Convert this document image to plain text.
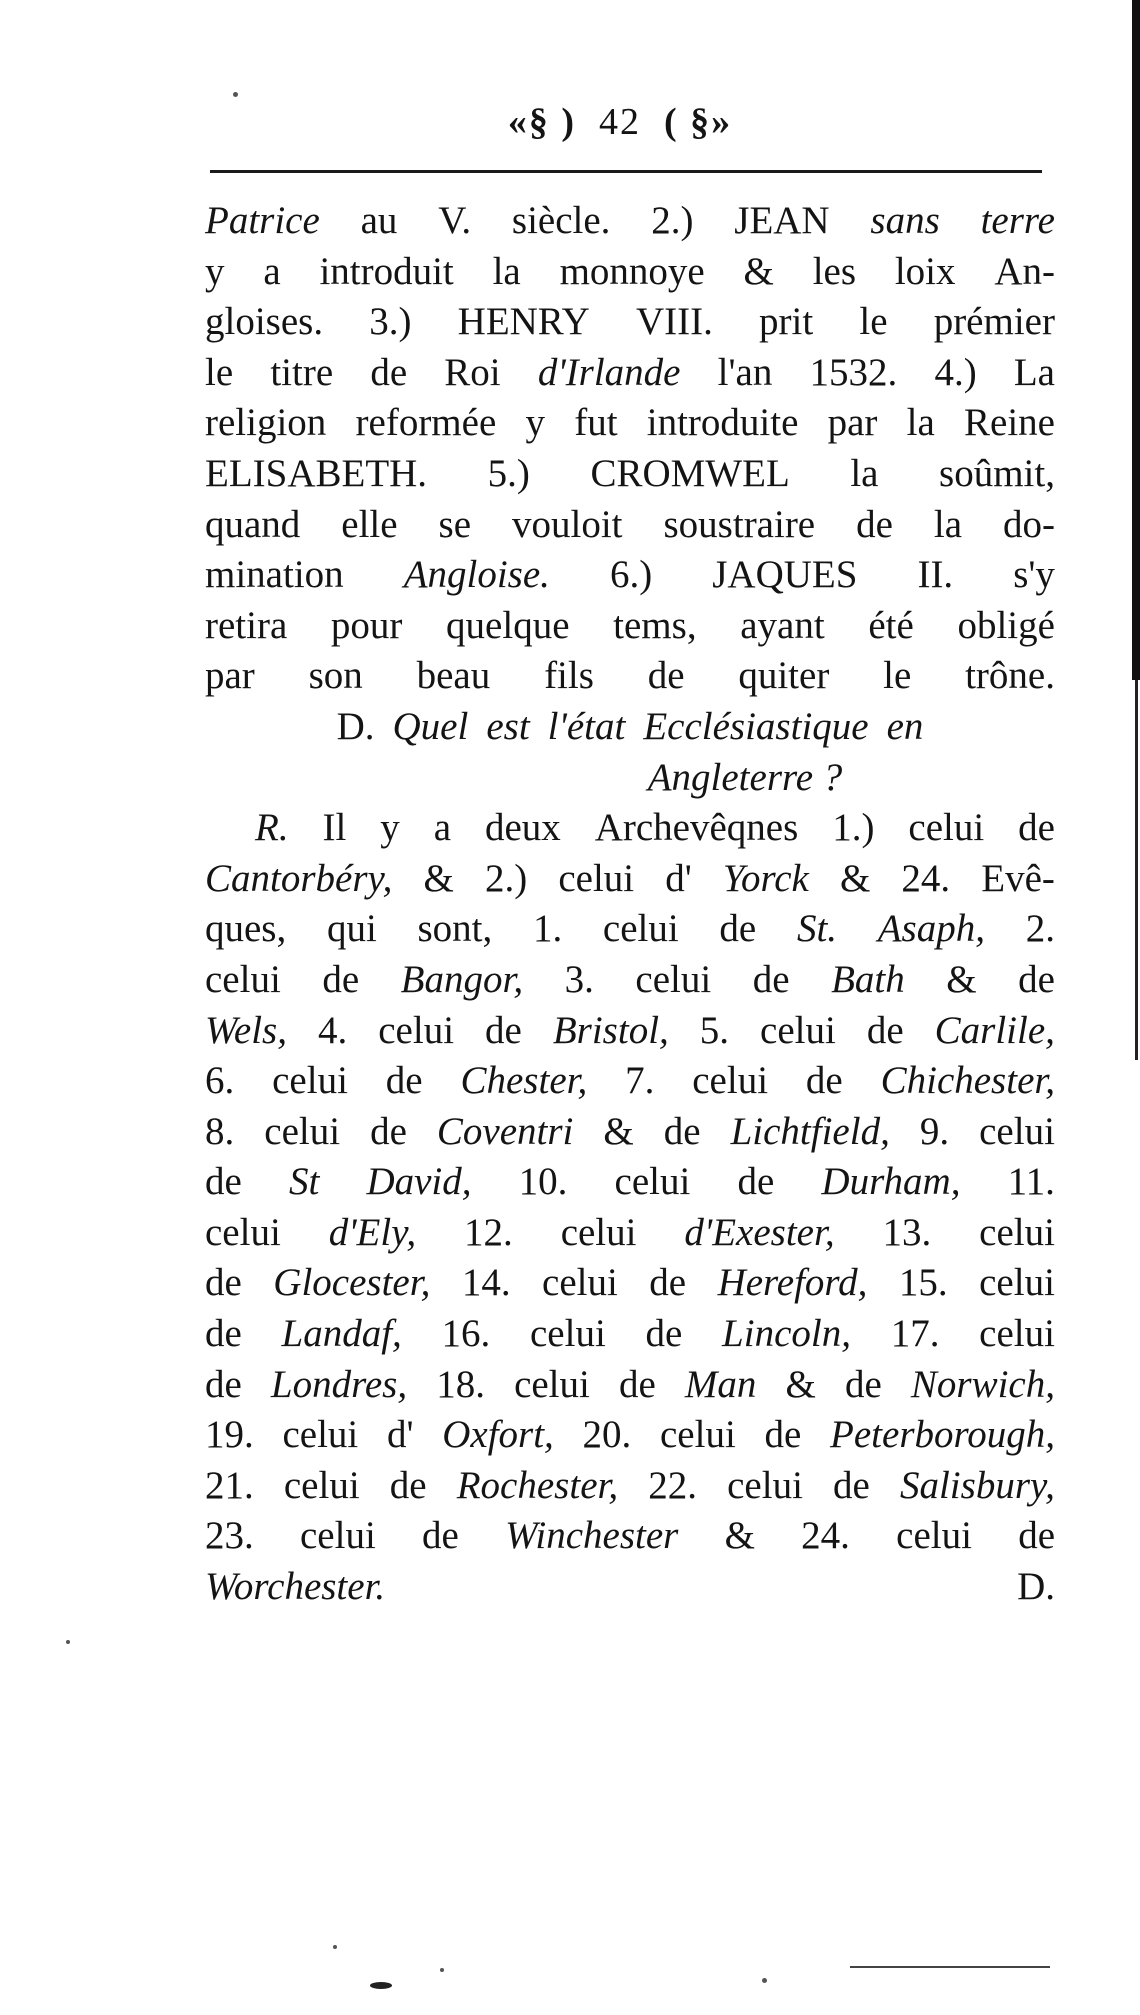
«§ ) 42 ( §»
Patrice au V. siècle. 2.) JEAN sans terre
y a introduit la monnoye & les loix An-
gloises. 3.) HENRY VIII. prit le prémier
le titre de Roi d'Irlande l'an 1532. 4.) La
religion reformée y fut introduite par la Reine
ELISABETH. 5.) CROMWEL la soûmit,
quand elle se vouloit soustraire de la do-
mination Angloise. 6.) JAQUES II. s'y
retira pour quelque tems, ayant été obligé
par son beau fils de quiter le trône.
D. Quel est l'état Ecclésiastique en
Angleterre ?
R. Il y a deux Archevêqnes 1.) celui de
Cantorbéry, & 2.) celui d' Yorck & 24. Evê-
ques, qui sont, 1. celui de St. Asaph, 2.
celui de Bangor, 3. celui de Bath & de
Wels, 4. celui de Bristol, 5. celui de Carlile,
6. celui de Chester, 7. celui de Chichester,
8. celui de Coventri & de Lichtfield, 9. celui
de St David, 10. celui de Durham, 11.
celui d'Ely, 12. celui d'Exester, 13. celui
de Glocester, 14. celui de Hereford, 15. celui
de Landaf, 16. celui de Lincoln, 17. celui
de Londres, 18. celui de Man & de Norwich,
19. celui d' Oxfort, 20. celui de Peterborough,
21. celui de Rochester, 22. celui de Salisbury,
23. celui de Winchester & 24. celui de
Worchester.	D.
